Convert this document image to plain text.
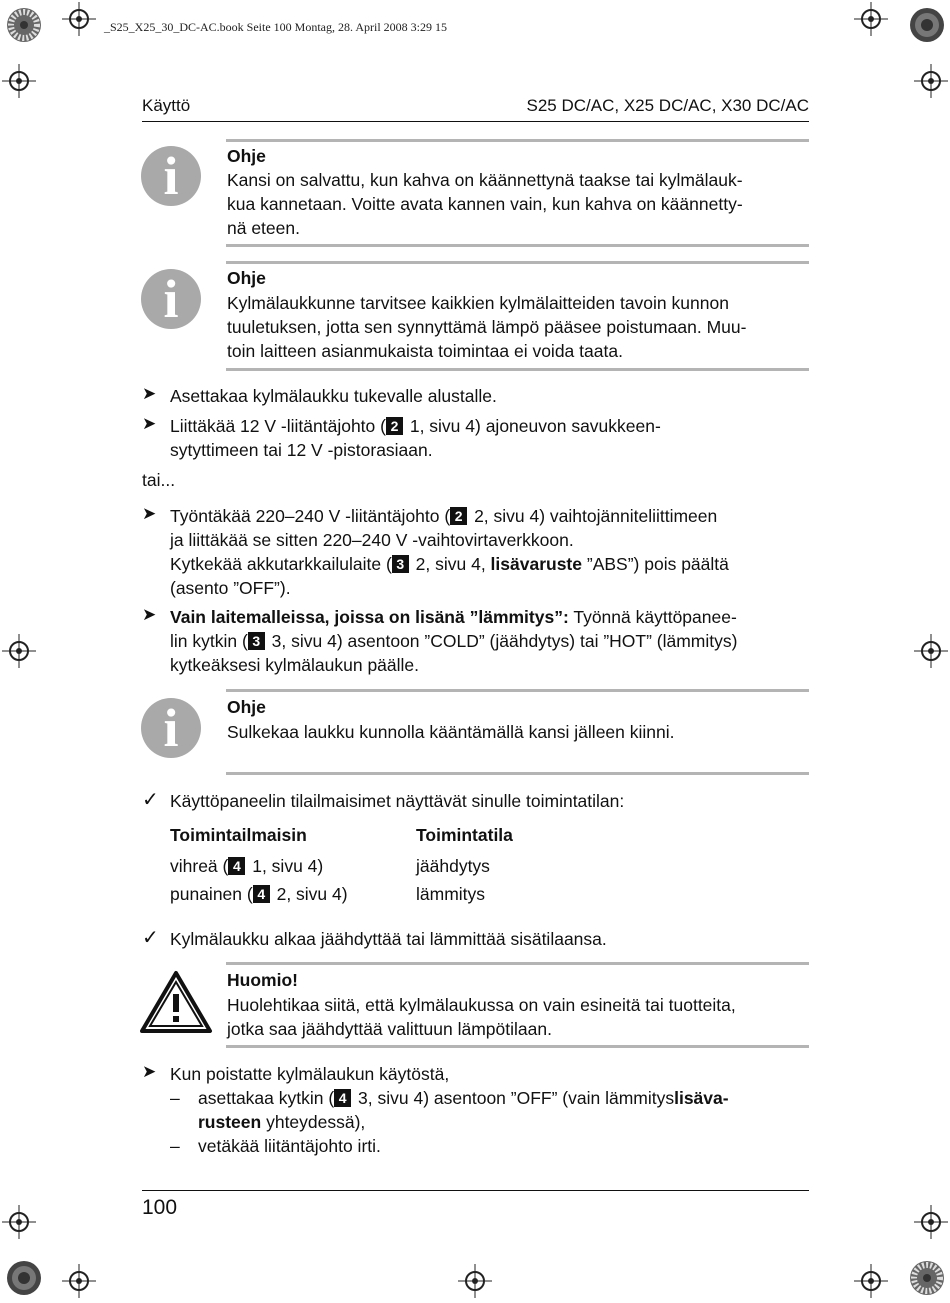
_S25_X25_30_DC-AC.book Seite 100 Montag, 28. April 2008 3:29 15
Käyttö	S25 DC/AC, X25 DC/AC, X30 DC/AC
i	Ohje
Kansi on salvattu, kun kahva on käännettynä taakse tai kylmälauk-
kua kannetaan. Voitte avata kannen vain, kun kahva on käännetty-
nä eteen.
i	Ohje
Kylmälaukkunne tarvitsee kaikkien kylmälaitteiden tavoin kunnon
tuuletuksen, jotta sen synnyttämä lämpö pääsee poistumaan. Muu-
toin laitteen asianmukaista toimintaa ei voida taata.
➤ Asettakaa kylmälaukku tukevalle alustalle.
➤ Liittäkää 12 V -liitäntäjohto ( 2 1, sivu 4) ajoneuvon savukkeen-
sytyttimeen tai 12 V -pistorasiaan.
tai...
➤ Työntäkää 220–240 V -liitäntäjohto ( 2 2, sivu 4) vaihtojänniteliittimeen
ja liittäkää se sitten 220–240 V -vaihtovirtaverkkoon.
Kytkekää akkutarkkailulaite ( 3 2, sivu 4, lisävaruste ”ABS”) pois päältä
(asento ”OFF”).
➤ Vain laitemalleissa, joissa on lisänä ”lämmitys”: Työnnä käyttöpanee-
lin kytkin ( 3 3, sivu 4) asentoon ”COLD” (jäähdytys) tai ”HOT” (lämmitys)
kytkeäksesi kylmälaukun päälle.
i	Ohje
Sulkekaa laukku kunnolla kääntämällä kansi jälleen kiinni.
✓ Käyttöpaneelin tilailmaisimet näyttävät sinulle toimintatilan:
Toimintailmaisin	Toimintatila
vihreä ( 4 1, sivu 4)	jäähdytys
punainen ( 4 2, sivu 4)	lämmitys
✓ Kylmälaukku alkaa jäähdyttää tai lämmittää sisätilaansa.
Huomio!
Huolehtikaa siitä, että kylmälaukussa on vain esineitä tai tuotteita,
jotka saa jäähdyttää valittuun lämpötilaan.
➤ Kun poistatte kylmälaukun käytöstä,
– asettakaa kytkin ( 4 3, sivu 4) asentoon ”OFF” (vain lämmityslisäva-
rusteen yhteydessä),
– vetäkää liitäntäjohto irti.
100
